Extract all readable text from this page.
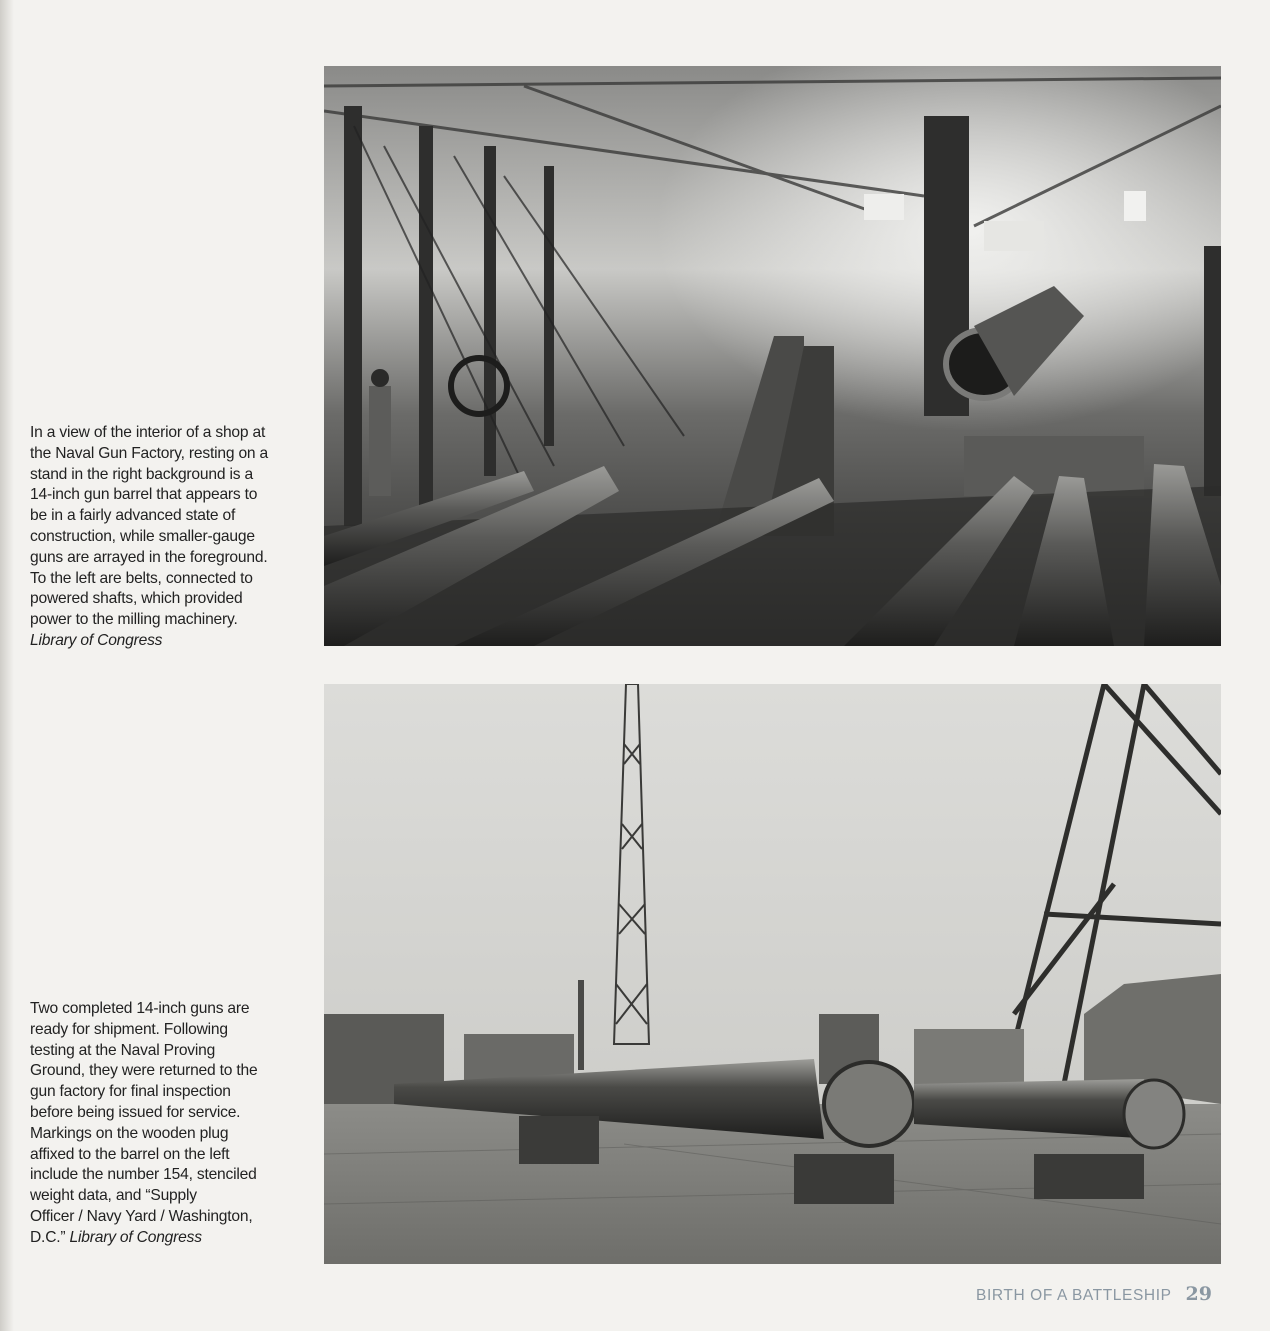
In a view of the interior of a shop at
the Naval Gun Factory, resting on a
stand in the right background is a
14-inch gun barrel that appears to
be in a fairly advanced state of
construction, while smaller-gauge
guns are arrayed in the foreground.
To the left are belts, connected to
powered shafts, which provided
power to the milling machinery.
Library of Congress
Two completed 14-inch guns are
ready for shipment. Following
testing at the Naval Proving
Ground, they were returned to the
gun factory for final inspection
before being issued for service.
Markings on the wooden plug
affixed to the barrel on the left
include the number 154, stenciled
weight data, and “Supply
Officer / Navy Yard / Washington,
D.C.” Library of Congress
BIRTH OF A BATTLESHIP 29
